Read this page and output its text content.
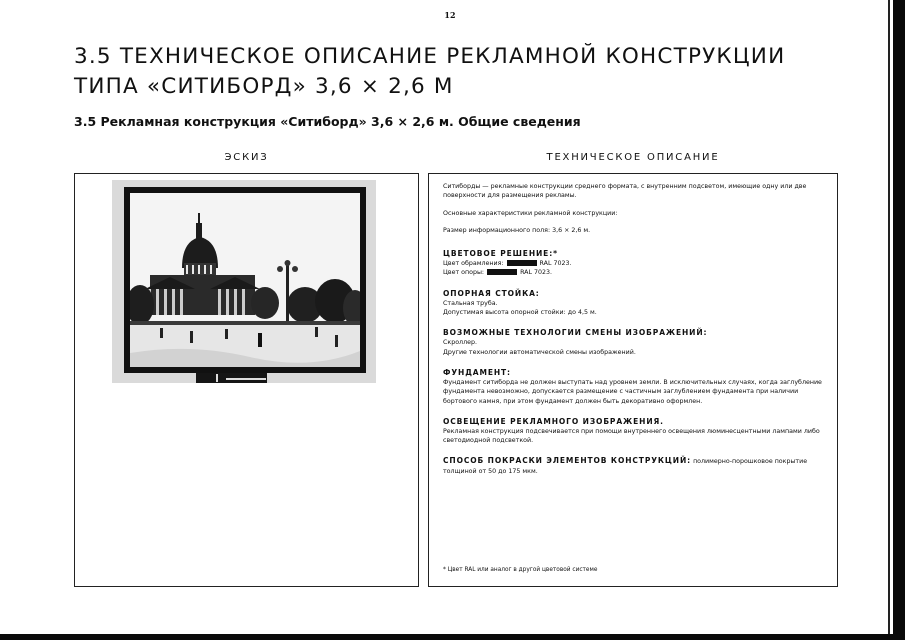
12
3.5 ТЕХНИЧЕСКОЕ ОПИСАНИЕ РЕКЛАМНОЙ КОНСТРУКЦИИ
ТИПА «СИТИБОРД» 3,6 × 2,6 М
3.5 Рекламная конструкция «Ситиборд» 3,6 × 2,6 м. Общие сведения
ЭСКИЗ	ТЕХНИЧЕСКОЕ ОПИСАНИЕ

Ситиборды — рекламные конструкции среднего формата, с внутренним подсветом, имеющие одну или две поверхности для размещения рекламы.

Основные характеристики рекламной конструкции:

Размер информационного поля: 3,6 × 2,6 м.

ЦВЕТОВОЕ РЕШЕНИЕ:*
Цвет обрамления:	RAL 7023.
Цвет опоры:	RAL 7023.
ОПОРНАЯ СТОЙКА:
Стальная труба.
Допустимая высота опорной стойки: до 4,5 м.
ВОЗМОЖНЫЕ ТЕХНОЛОГИИ СМЕНЫ ИЗОБРАЖЕНИЙ:
Скроллер.
Другие технологии автоматической смены изображений.
ФУНДАМЕНТ:
Фундамент ситиборда не должен выступать над уровнем земли. В исключительных случаях, когда заглубление фундамента невозможно, допускается размещение с частичным заглублением фундамента при наличии бортового камня, при этом фундамент должен быть декоративно оформлен.
ОСВЕЩЕНИЕ РЕКЛАМНОГО ИЗОБРАЖЕНИЯ.
Рекламная конструкция подсвечивается при помощи внутреннего освещения люминесцентными лампами либо светодиодной подсветкой.
СПОСОБ ПОКРАСКИ ЭЛЕМЕНТОВ КОНСТРУКЦИЙ: полимерно-порошковое покрытие толщиной от 50 до 175 мкм.

* Цвет RAL или аналог в другой цветовой системе
